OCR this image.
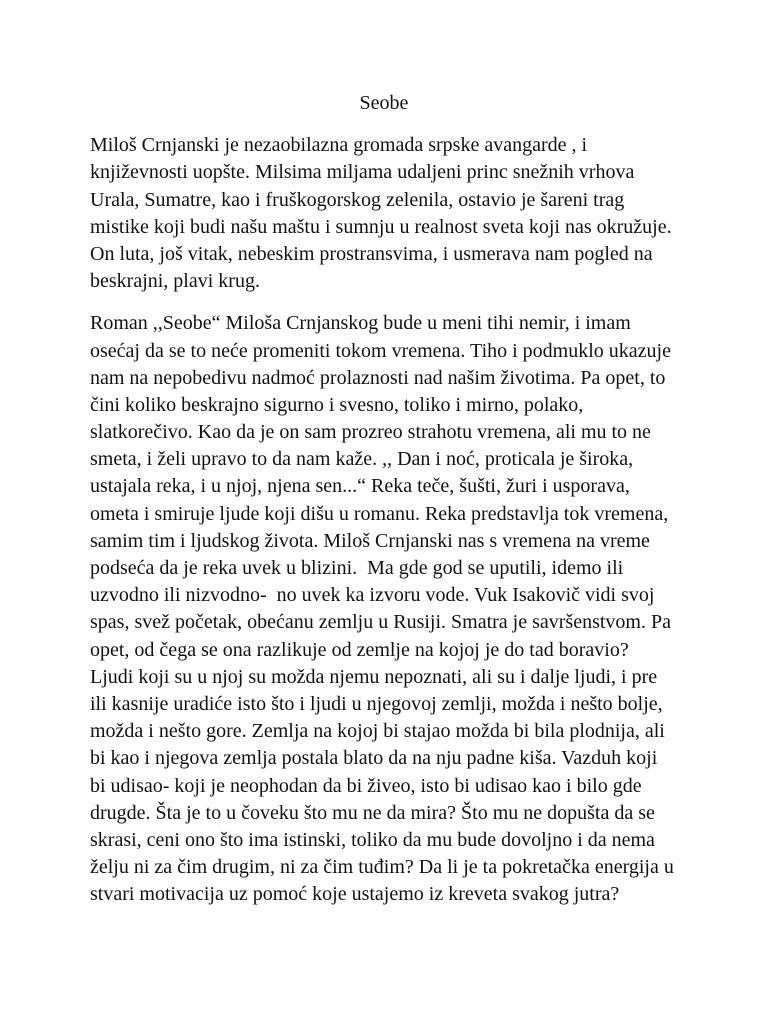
Seobe
Miloš Crnjanski je nezaobilazna gromada srpske avangarde , i
književnosti uopšte. Milsima miljama udaljeni princ snežnih vrhova
Urala, Sumatre, kao i fruškogorskog zelenila, ostavio je šareni trag
mistike koji budi našu maštu i sumnju u realnost sveta koji nas okružuje.
On luta, još vitak, nebeskim prostransvima, i usmerava nam pogled na
beskrajni, plavi krug.
Roman ,,Seobe“ Miloša Crnjanskog bude u meni tihi nemir, i imam
osećaj da se to neće promeniti tokom vremena. Tiho i podmuklo ukazuje
nam na nepobedivu nadmoć prolaznosti nad našim životima. Pa opet, to
čini koliko beskrajno sigurno i svesno, toliko i mirno, polako,
slatkorečivo. Kao da je on sam prozreo strahotu vremena, ali mu to ne
smeta, i želi upravo to da nam kaže. ,, Dan i noć, proticala je široka,
ustajala reka, i u njoj, njena sen...“ Reka teče, šušti, žuri i usporava,
ometa i smiruje ljude koji dišu u romanu. Reka predstavlja tok vremena,
samim tim i ljudskog života. Miloš Crnjanski nas s vremena na vreme
podseća da je reka uvek u blizini.  Ma gde god se uputili, idemo ili
uzvodno ili nizvodno-  no uvek ka izvoru vode. Vuk Isakovič vidi svoj
spas, svež početak, obećanu zemlju u Rusiji. Smatra je savršenstvom. Pa
opet, od čega se ona razlikuje od zemlje na kojoj je do tad boravio?
Ljudi koji su u njoj su možda njemu nepoznati, ali su i dalje ljudi, i pre
ili kasnije uradiće isto što i ljudi u njegovoj zemlji, možda i nešto bolje,
možda i nešto gore. Zemlja na kojoj bi stajao možda bi bila plodnija, ali
bi kao i njegova zemlja postala blato da na nju padne kiša. Vazduh koji
bi udisao- koji je neophodan da bi živeo, isto bi udisao kao i bilo gde
drugde. Šta je to u čoveku što mu ne da mira? Što mu ne dopušta da se
skrasi, ceni ono što ima istinski, toliko da mu bude dovoljno i da nema
želju ni za čim drugim, ni za čim tuđim? Da li je ta pokretačka energija u
stvari motivacija uz pomoć koje ustajemo iz kreveta svakog jutra?
